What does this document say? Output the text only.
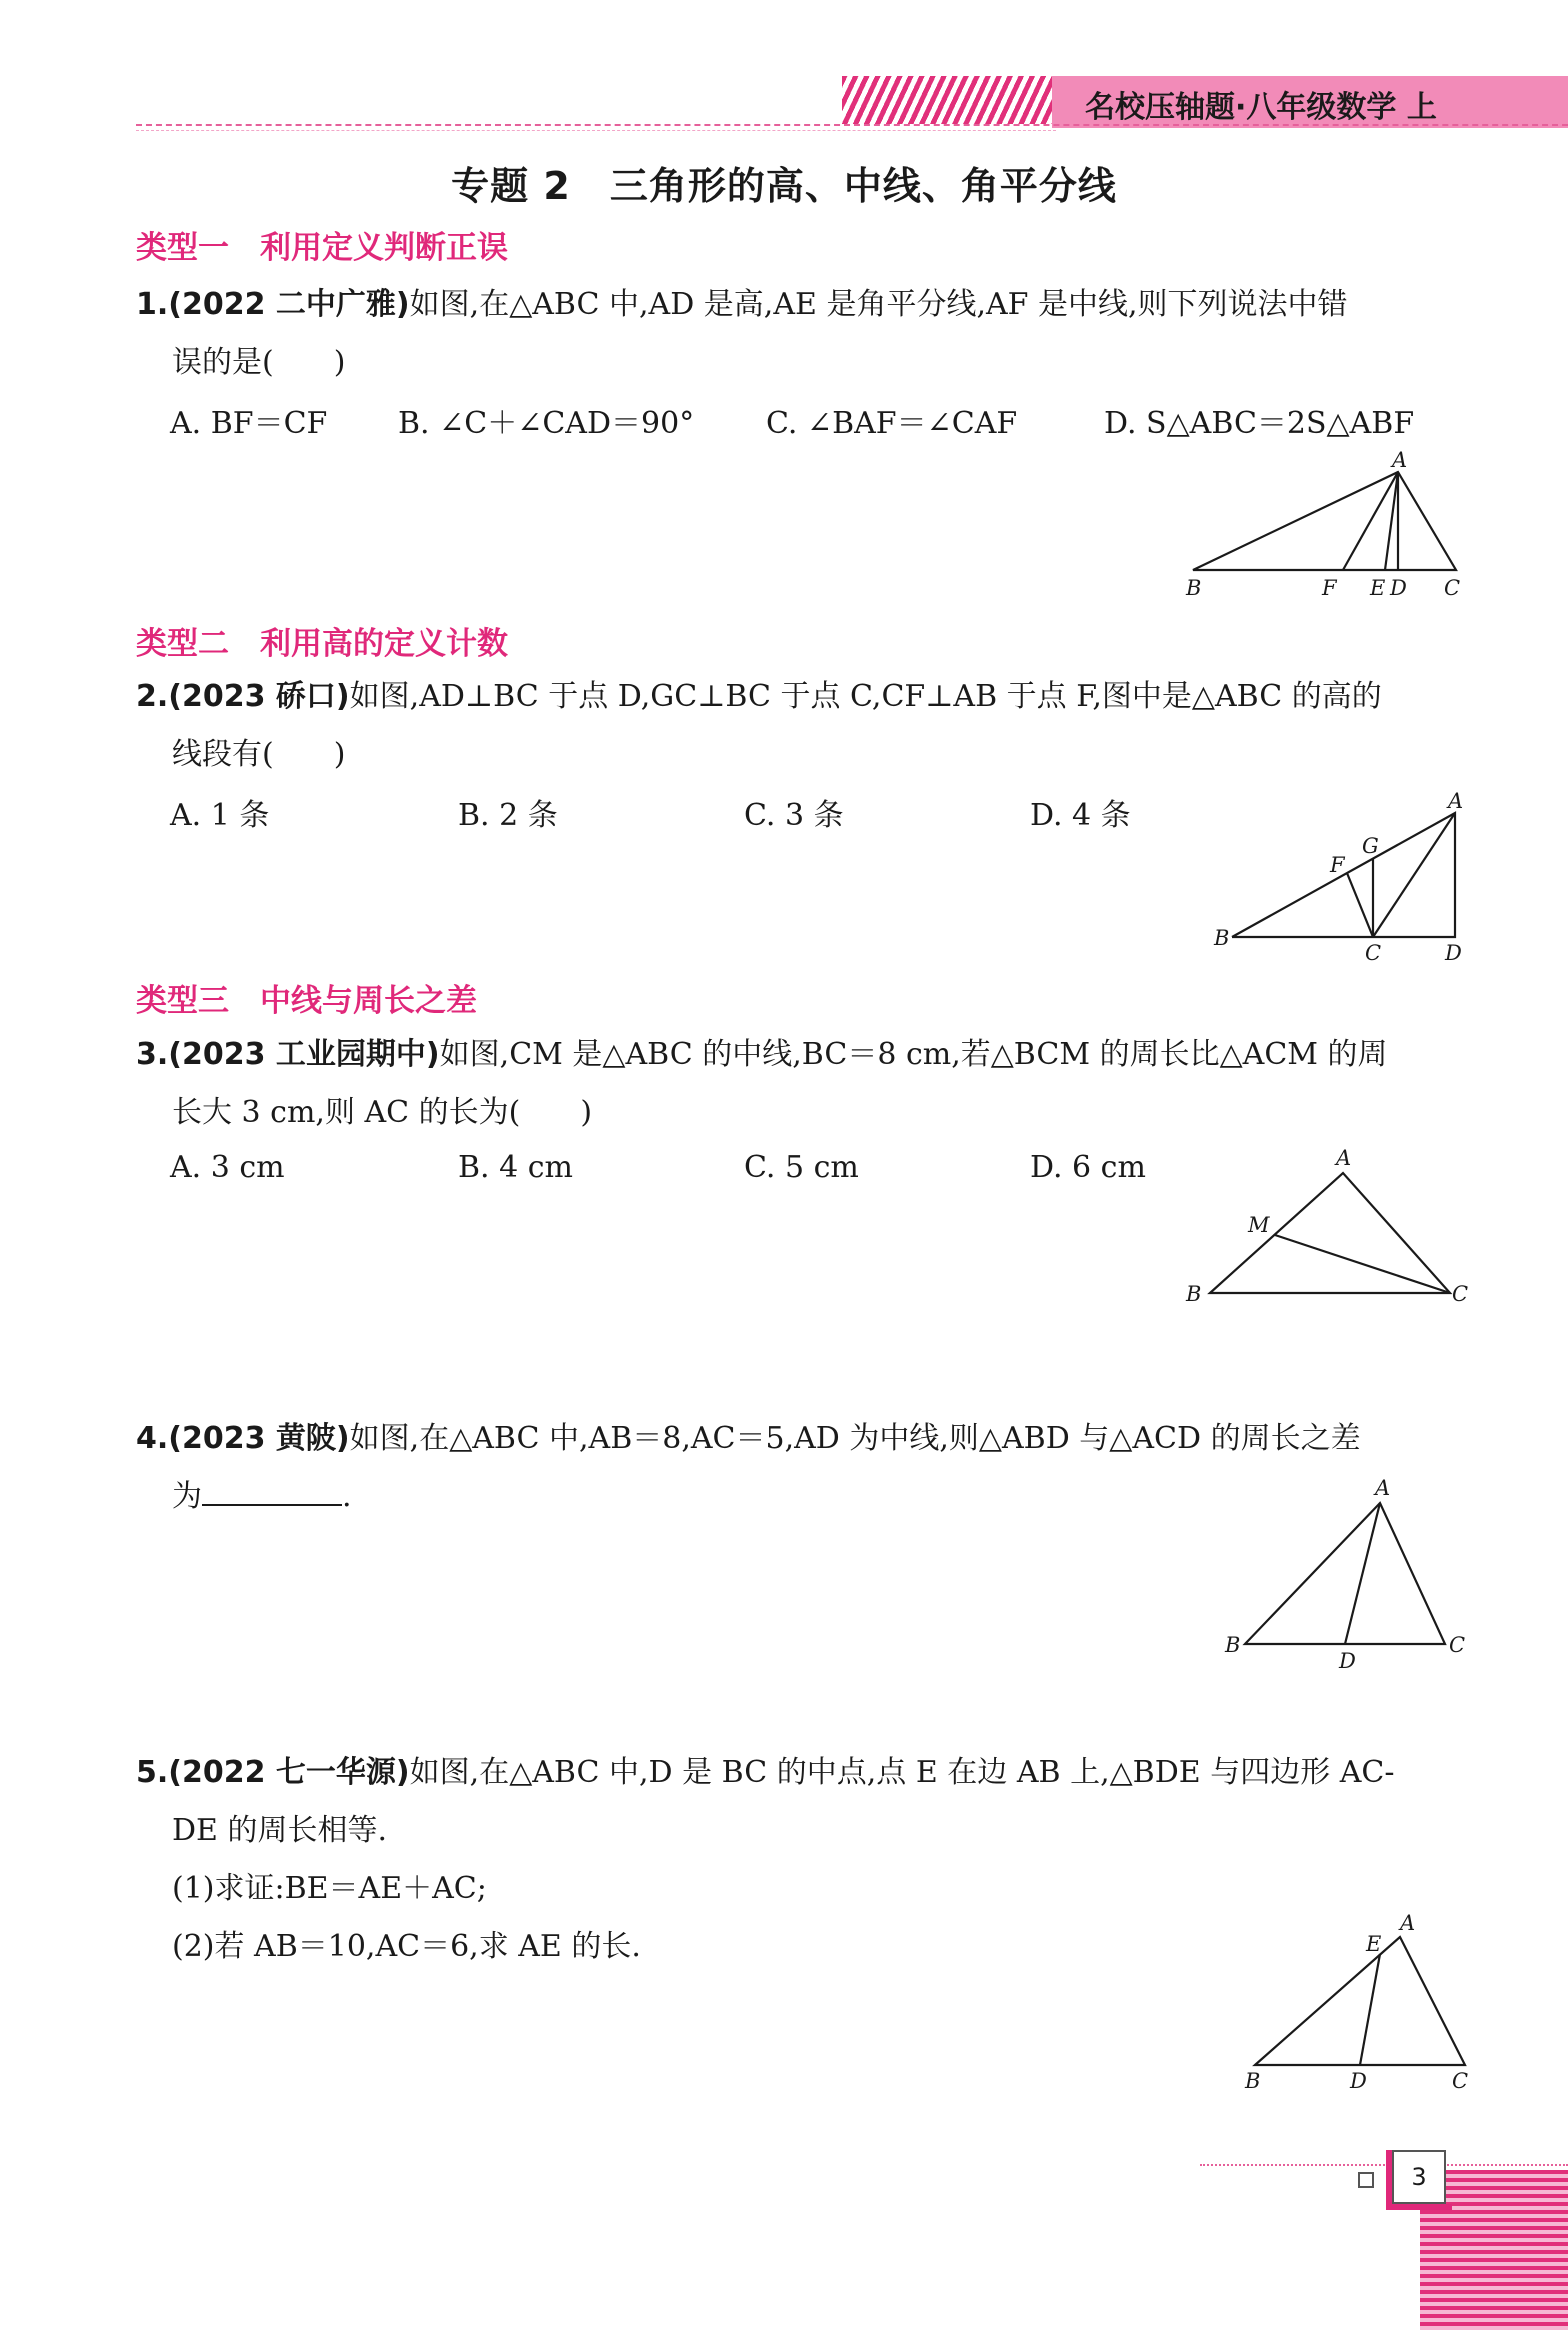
名校压轴题·八年级数学 上
专题 2　三角形的高、中线、角平分线
类型一　利用定义判断正误
1.(2022 二中广雅)如图,在△ABC 中,AD 是高,AE 是角平分线,AF 是中线,则下列说法中错
误的是(　　)
A. BF＝CF B. ∠C＋∠CAD＝90° C. ∠BAF＝∠CAF	D. S△ABC＝2S△ABF
A
B	F E D C
类型二　利用高的定义计数
2.(2023 硚口)如图,AD⊥BC 于点 D,GC⊥BC 于点 C,CF⊥AB 于点 F,图中是△ABC 的高的
线段有(　　)
A. 1 条	B. 2 条	C. 3 条	D. 4 条	A
G
F
B
C	D
类型三　中线与周长之差
3.(2023 工业园期中)如图,CM 是△ABC 的中线,BC＝8 cm,若△BCM 的周长比△ACM 的周
长大 3 cm,则 AC 的长为(　　)
A. 3 cm	B. 4 cm	C. 5 cm	D. 6 cm	A
M
B	C
4.(2023 黄陂)如图,在△ABC 中,AB＝8,AC＝5,AD 为中线,则△ABD 与△ACD 的周长之差
为	.	A
B
D
C
5.(2022 七一华源)如图,在△ABC 中,D 是 BC 的中点,点 E 在边 AB 上,△BDE 与四边形 AC-
DE 的周长相等.
(1)求证:BE＝AE＋AC;
(2)若 AB＝10,AC＝6,求 AE 的长.
A
E
B	D	C
3
